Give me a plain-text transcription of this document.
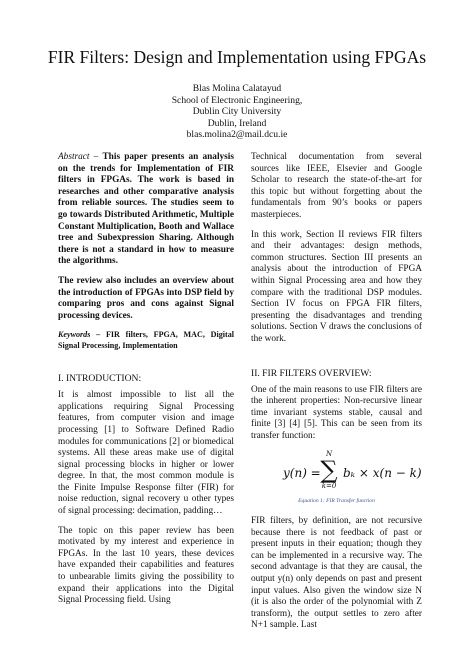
FIR Filters: Design and Implementation using FPGAs
Blas Molina Calatayud
School of Electronic Engineering,
Dublin City University
Dublin, Ireland
blas.molina2@mail.dcu.ie

Abstract – This paper presents an analysis on the trends for Implementation of FIR filters in FPGAs. The work is based in researches and other comparative analysis from reliable sources. The studies seem to go towards Distributed Arithmetic, Multiple Constant Multiplication, Booth and Wallace tree and Subexpression Sharing. Although there is not a standard in how to measure the algorithms.

The review also includes an overview about the introduction of FPGAs into DSP field by comparing pros and cons against Signal processing devices.

Keywords – FIR filters, FPGA, MAC, Digital Signal Processing, Implementation

I. INTRODUCTION:

It is almost impossible to list all the applications requiring Signal Processing features, from computer vision and image processing [1] to Software Defined Radio modules for communications [2] or biomedical systems. All these areas make use of digital signal processing blocks in higher or lower degree. In that, the most common module is the Finite Impulse Response filter (FIR) for noise reduction, signal recovery u other types of signal processing: decimation, padding…

The topic on this paper review has been motivated by my interest and experience in FPGAs. In the last 10 years, these devices have expanded their capabilities and features to unbearable limits giving the possibility to expand their applications into the Digital Signal Processing field. Using

Technical documentation from several sources like IEEE, Elsevier and Google Scholar to research the state-of-the-art for this topic but without forgetting about the fundamentals from 90’s books or papers masterpieces.

In this work, Section II reviews FIR filters and their advantages: design methods, common structures. Section III presents an analysis about the introduction of FPGA within Signal Processing area and how they compare with the traditional DSP modules. Section IV focus on FPGA FIR filters, presenting the disadvantages and trending solutions. Section V draws the conclusions of the work.

II. FIR FILTERS OVERVIEW:

One of the main reasons to use FIR filters are the inherent properties: Non-recursive linear time invariant systems stable, causal and finite [3] [4] [5]. This can be seen from its transfer function:

y(n) =
N
∑
k=0
bₖ × x(n − k)
Equation 1: FIR Transfer function

FIR filters, by definition, are not recursive because there is not feedback of past or present inputs in their equation; though they can be implemented in a recursive way. The second advantage is that they are causal, the output y(n) only depends on past and present input values. Also given the window size N (it is also the order of the polynomial with Z transform), the output settles to zero after N+1 sample. Last
